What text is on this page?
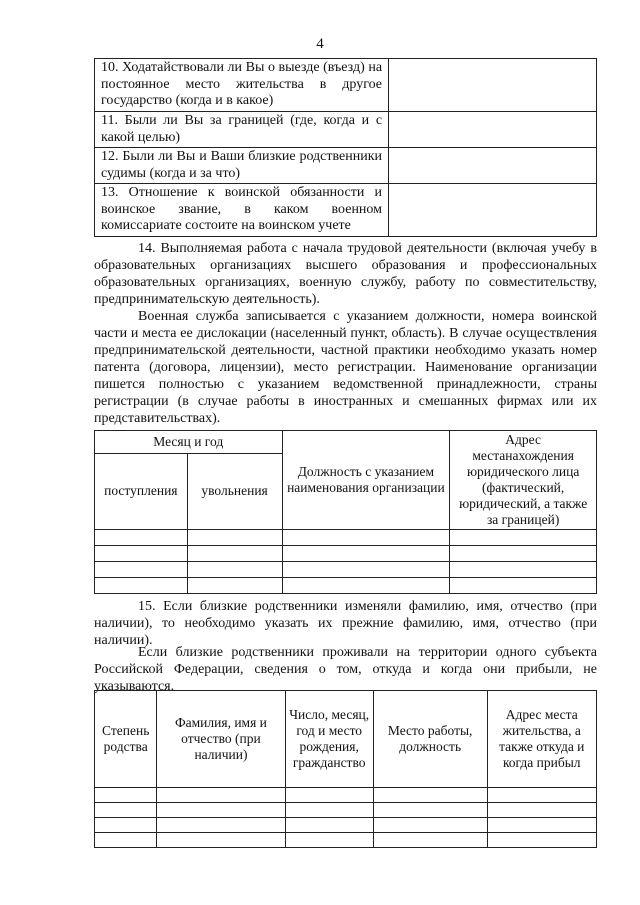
4
10. Ходатайствовали ли Вы о выезде (въезд) на постоянное место жительства в другое государство (когда и в какое)	
11. Были ли Вы за границей (где, когда и с какой целью)	
12. Были ли Вы и Ваши близкие родственники судимы (когда и за что)	
13. Отношение к воинской обязанности и воинское звание, в каком военном комиссариате состоите на воинском учете	

14. Выполняемая работа с начала трудовой деятельности (включая учебу в образовательных организациях высшего образования и профессиональных образовательных организациях, военную службу, работу по совместительству, предпринимательскую деятельность).

Военная служба записывается с указанием должности, номера воинской части и места ее дислокации (населенный пункт, область). В случае осуществления предпринимательской деятельности, частной практики необходимо указать номер патента (договора, лицензии), место регистрации. Наименование организации пишется полностью с указанием ведомственной принадлежности, страны регистрации (в случае работы в иностранных и смешанных фирмах или их представительствах).

Месяц и год		Должность с указанием наименования организации	Адрес местанахождения юридического лица (фактический, юридический, а также за границей)
поступления	увольнения		

15. Если близкие родственники изменяли фамилию, имя, отчество (при наличии), то необходимо указать их прежние фамилию, имя, отчество (при наличии).

Если близкие родственники проживали на территории одного субъекта Российской Федерации, сведения о том, откуда и когда они прибыли, не указываются.

Степень родства	Фамилия, имя и отчество (при наличии)	Число, месяц, год и место рождения, гражданство	Место работы, должность	Адрес места жительства, а также откуда и когда прибыл
